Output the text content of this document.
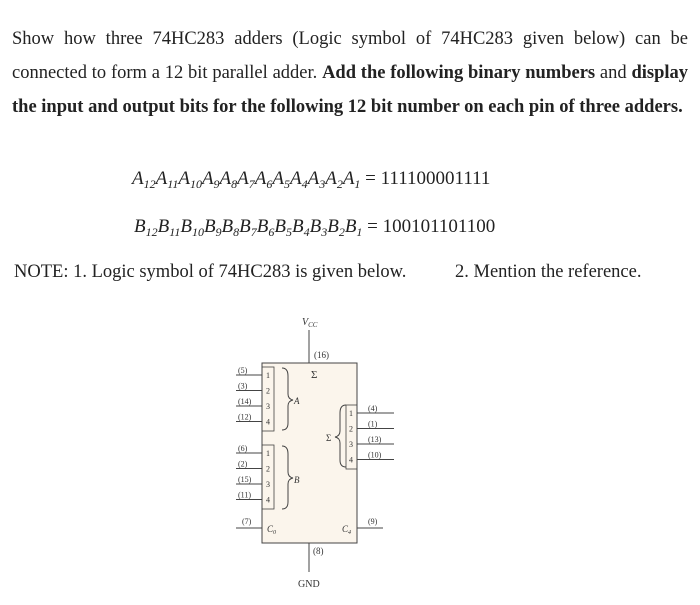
Show how three 74HC283 adders (Logic symbol of 74HC283 given below) can be connected to form a 12 bit parallel adder. Add the following binary numbers and display the input and output bits for the following 12 bit number on each pin of three adders.
$A_{12}A_{11}A_{10}A_9A_8A_7A_6A_5A_4A_3A_2A_1 = 111100001111$
$B_{12}B_{11}B_{10}B_9B_8B_7B_6B_5B_4B_3B_2B_1 = 100101101100$
NOTE: 1. Logic symbol of 74HC283 is given below.	2. Mention the reference.
$V_{CC}$
(16)
Σ
(8)
GND
(5)
1
(3)
2
(14)
3
(12)
4
(6)
1
(2)
2
(15)
3
(11)
4
A
B
Σ
(4)
1
(1)
2
(13)
3
(10)
4
(7)
$C_0$
(9)
$C_4$
